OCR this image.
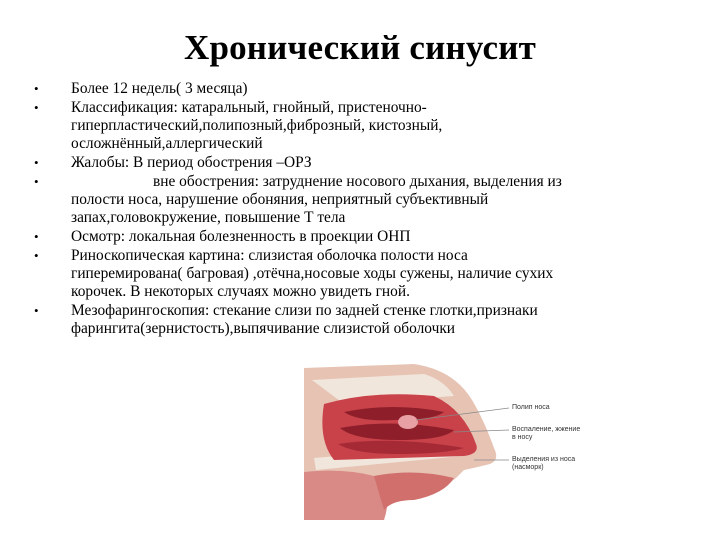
Хронический синусит
• Более 12 недель( 3 месяца)
• Классификация: катаральный, гнойный, пристеночно-
гиперпластический,полипозный,фиброзный, кистозный,
осложнённый,аллергический
• Жалобы: В период обострения –ОРЗ
•	вне обострения: затруднение носового дыхания, выделения из
полости носа, нарушение обоняния, неприятный субъективный
запах,головокружение, повышение Т тела
• Осмотр: локальная болезненность в проекции ОНП
• Риноскопическая картина: слизистая оболочка полости носа
гиперемирована( багровая) ,отёчна,носовые ходы сужены, наличие сухих
корочек. В некоторых случаях можно увидеть гной.
• Мезофарингоскопия: стекание слизи по задней стенке глотки,признаки
фарингита(зернистость),выпячивание слизистой оболочки
Полип носа
Воспаление, жжение
в носу
Выделения из носа
(насморк)
